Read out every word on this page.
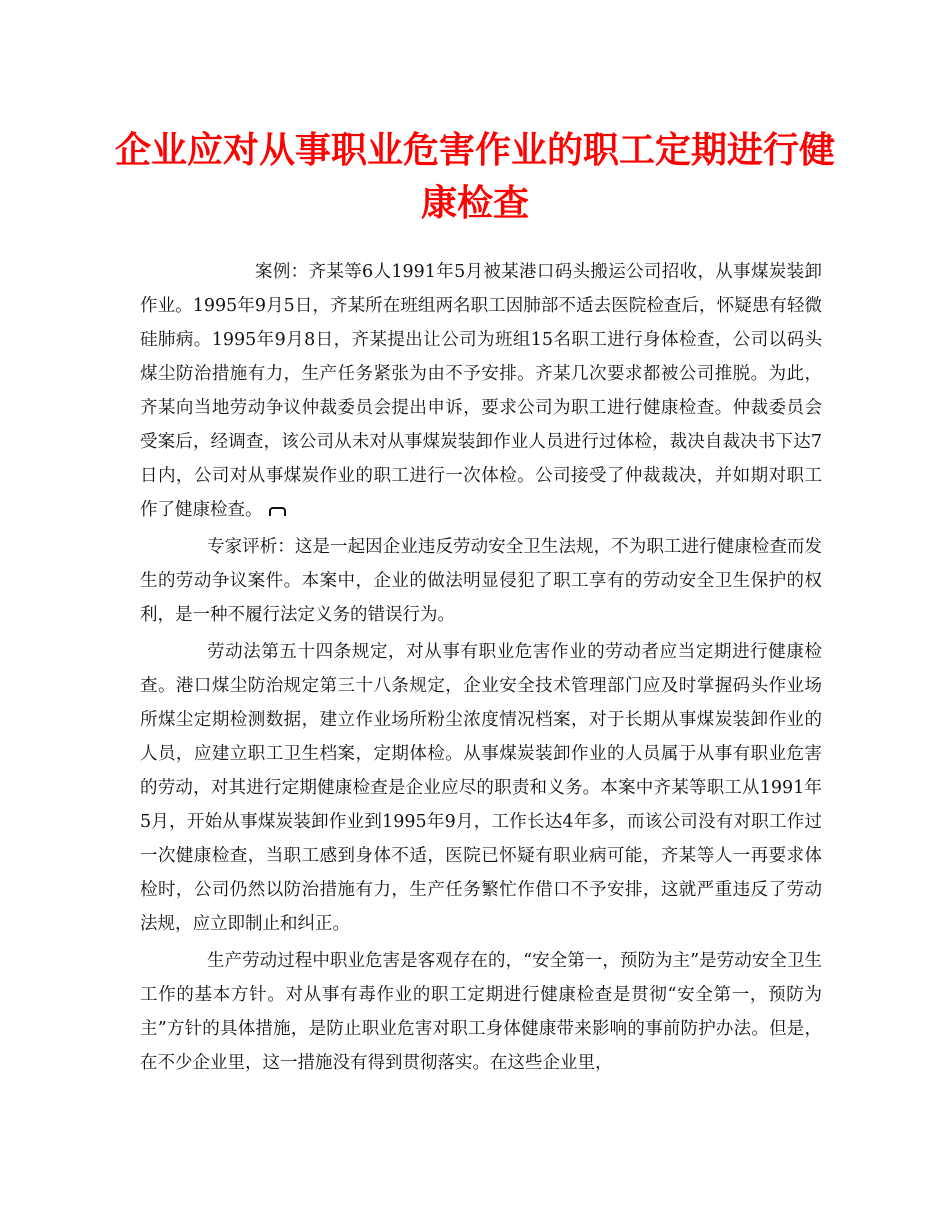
企业应对从事职业危害作业的职工定期进行健康检查

案例：齐某等6人1991年5月被某港口码头搬运公司招收，从事煤炭装卸作业。1995年9月5日，齐某所在班组两名职工因肺部不适去医院检查后，怀疑患有轻微硅肺病。1995年9月8日，齐某提出让公司为班组15名职工进行身体检查，公司以码头煤尘防治措施有力，生产任务紧张为由不予安排。齐某几次要求都被公司推脱。为此，齐某向当地劳动争议仲裁委员会提出申诉，要求公司为职工进行健康检查。仲裁委员会受案后，经调查，该公司从未对从事煤炭装卸作业人员进行过体检，裁决自裁决书下达7日内，公司对从事煤炭作业的职工进行一次体检。公司接受了仲裁裁决，并如期对职工作了健康检查。

专家评析：这是一起因企业违反劳动安全卫生法规，不为职工进行健康检查而发生的劳动争议案件。本案中，企业的做法明显侵犯了职工享有的劳动安全卫生保护的权利，是一种不履行法定义务的错误行为。

劳动法第五十四条规定，对从事有职业危害作业的劳动者应当定期进行健康检查。港口煤尘防治规定第三十八条规定，企业安全技术管理部门应及时掌握码头作业场所煤尘定期检测数据，建立作业场所粉尘浓度情况档案，对于长期从事煤炭装卸作业的人员，应建立职工卫生档案，定期体检。从事煤炭装卸作业的人员属于从事有职业危害的劳动，对其进行定期健康检查是企业应尽的职责和义务。本案中齐某等职工从1991年5月，开始从事煤炭装卸作业到1995年9月，工作长达4年多，而该公司没有对职工作过一次健康检查，当职工感到身体不适，医院已怀疑有职业病可能，齐某等人一再要求体检时，公司仍然以防治措施有力，生产任务繁忙作借口不予安排，这就严重违反了劳动法规，应立即制止和纠正。

生产劳动过程中职业危害是客观存在的，“安全第一，预防为主”是劳动安全卫生工作的基本方针。对从事有毒作业的职工定期进行健康检查是贯彻“安全第一，预防为主”方针的具体措施，是防止职业危害对职工身体健康带来影响的事前防护办法。但是，在不少企业里，这一措施没有得到贯彻落实。在这些企业里，
